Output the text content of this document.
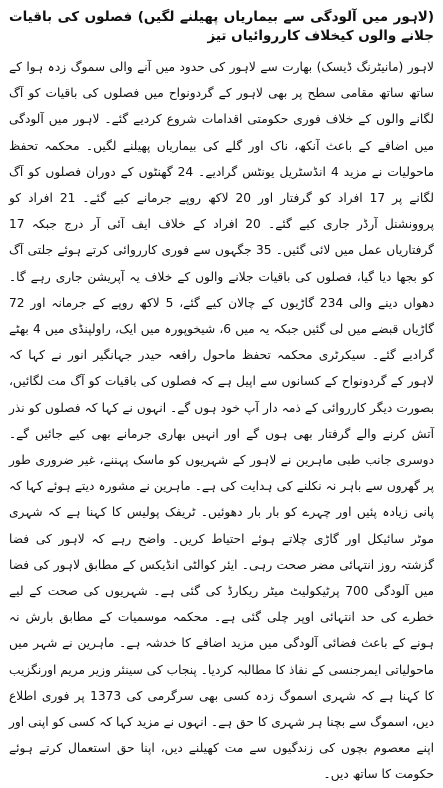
(لاہور میں آلودگی سے بیماریاں پھیلنے لگیں) فصلوں کی باقیات جلانے والوں کیخلاف کارروائیاں تیز

لاہور (مانیٹرنگ ڈیسک) بھارت سے لاہور کی حدود میں آنے والی سموگ زدہ ہوا کے ساتھ ساتھ مقامی سطح پر بھی لاہور کے گردونواح میں فصلوں کی باقیات کو آگ لگانے والوں کے خلاف فوری حکومتی اقدامات شروع کردیے گئے۔ لاہور میں آلودگی میں اضافے کے باعث آنکھ، ناک اور گلے کی بیماریاں پھیلنے لگیں۔ محکمہ تحفظ ماحولیات نے مزید 4 انڈسٹریل یونٹس گرادیے۔ 24 گھنٹوں کے دوران فصلوں کو آگ لگانے پر 17 افراد کو گرفتار اور 20 لاکھ روپے جرمانے کیے گئے۔ 21 افراد کو پروونشنل آرڈر جاری کیے گئے۔ 20 افراد کے خلاف ایف آئی آر درج جبکہ 17 گرفتاریاں عمل میں لائی گئیں۔ 35 جگہوں سے فوری کارروائی کرتے ہوئے جلتی آگ کو بجھا دیا گیا، فصلوں کی باقیات جلانے والوں کے خلاف یہ آپریشن جاری رہے گا۔ دھواں دینے والی 234 گاڑیوں کے چالان کیے گئے، 5 لاکھ روپے کے جرمانہ اور 72 گاڑیاں قبضے میں لی گئیں جبکہ یہ میں 6، شیخوپورہ میں ایک، راولپنڈی میں 4 بھٹے گرادیے گئے۔ سیکرٹری محکمہ تحفظ ماحول رافعہ حیدر جہانگیر انور نے کہا کہ لاہور کے گردونواح کے کسانوں سے اپیل ہے کہ فصلوں کی باقیات کو آگ مت لگائیں، بصورت دیگر کارروائی کے ذمہ دار آپ خود ہوں گے۔ انہوں نے کہا کہ فصلوں کو نذر آتش کرنے والے گرفتار بھی ہوں گے اور انہیں بھاری جرمانے بھی کیے جائیں گے۔ دوسری جانب طبی ماہرین نے لاہور کے شہریوں کو ماسک پہننے، غیر ضروری طور پر گھروں سے باہر نہ نکلنے کی ہدایت کی ہے۔ ماہرین نے مشورہ دیتے ہوئے کہا کہ پانی زیادہ پئیں اور چہرے کو بار بار دھوئیں۔ ٹریفک پولیس کا کہنا ہے کہ شہری موٹر سائیکل اور گاڑی چلاتے ہوئے احتیاط کریں۔ واضح رہے کہ لاہور کی فضا گزشتہ روز انتہائی مضر صحت رہی۔ ایئر کوالٹی انڈیکس کے مطابق لاہور کی فضا میں آلودگی 700 پرٹیکولیٹ میٹر ریکارڈ کی گئی ہے۔ شہریوں کی صحت کے لیے خطرے کی حد انتہائی اوپر چلی گئی ہے۔ محکمہ موسمیات کے مطابق بارش نہ ہونے کے باعث فضائی آلودگی میں مزید اضافے کا خدشہ ہے۔ ماہرین نے شہر میں ماحولیاتی ایمرجنسی کے نفاذ کا مطالبہ کردیا۔ پنجاب کی سینئر وزیر مریم اورنگزیب کا کہنا ہے کہ شہری اسموگ زدہ کسی بھی سرگرمی کی 1373 پر فوری اطلاع دیں، اسموگ سے بچنا ہر شہری کا حق ہے۔ انہوں نے مزید کہا کہ کسی کو اپنی اور اپنے معصوم بچوں کی زندگیوں سے مت کھیلنے دیں، اپنا حق استعمال کرتے ہوئے حکومت کا ساتھ دیں۔
